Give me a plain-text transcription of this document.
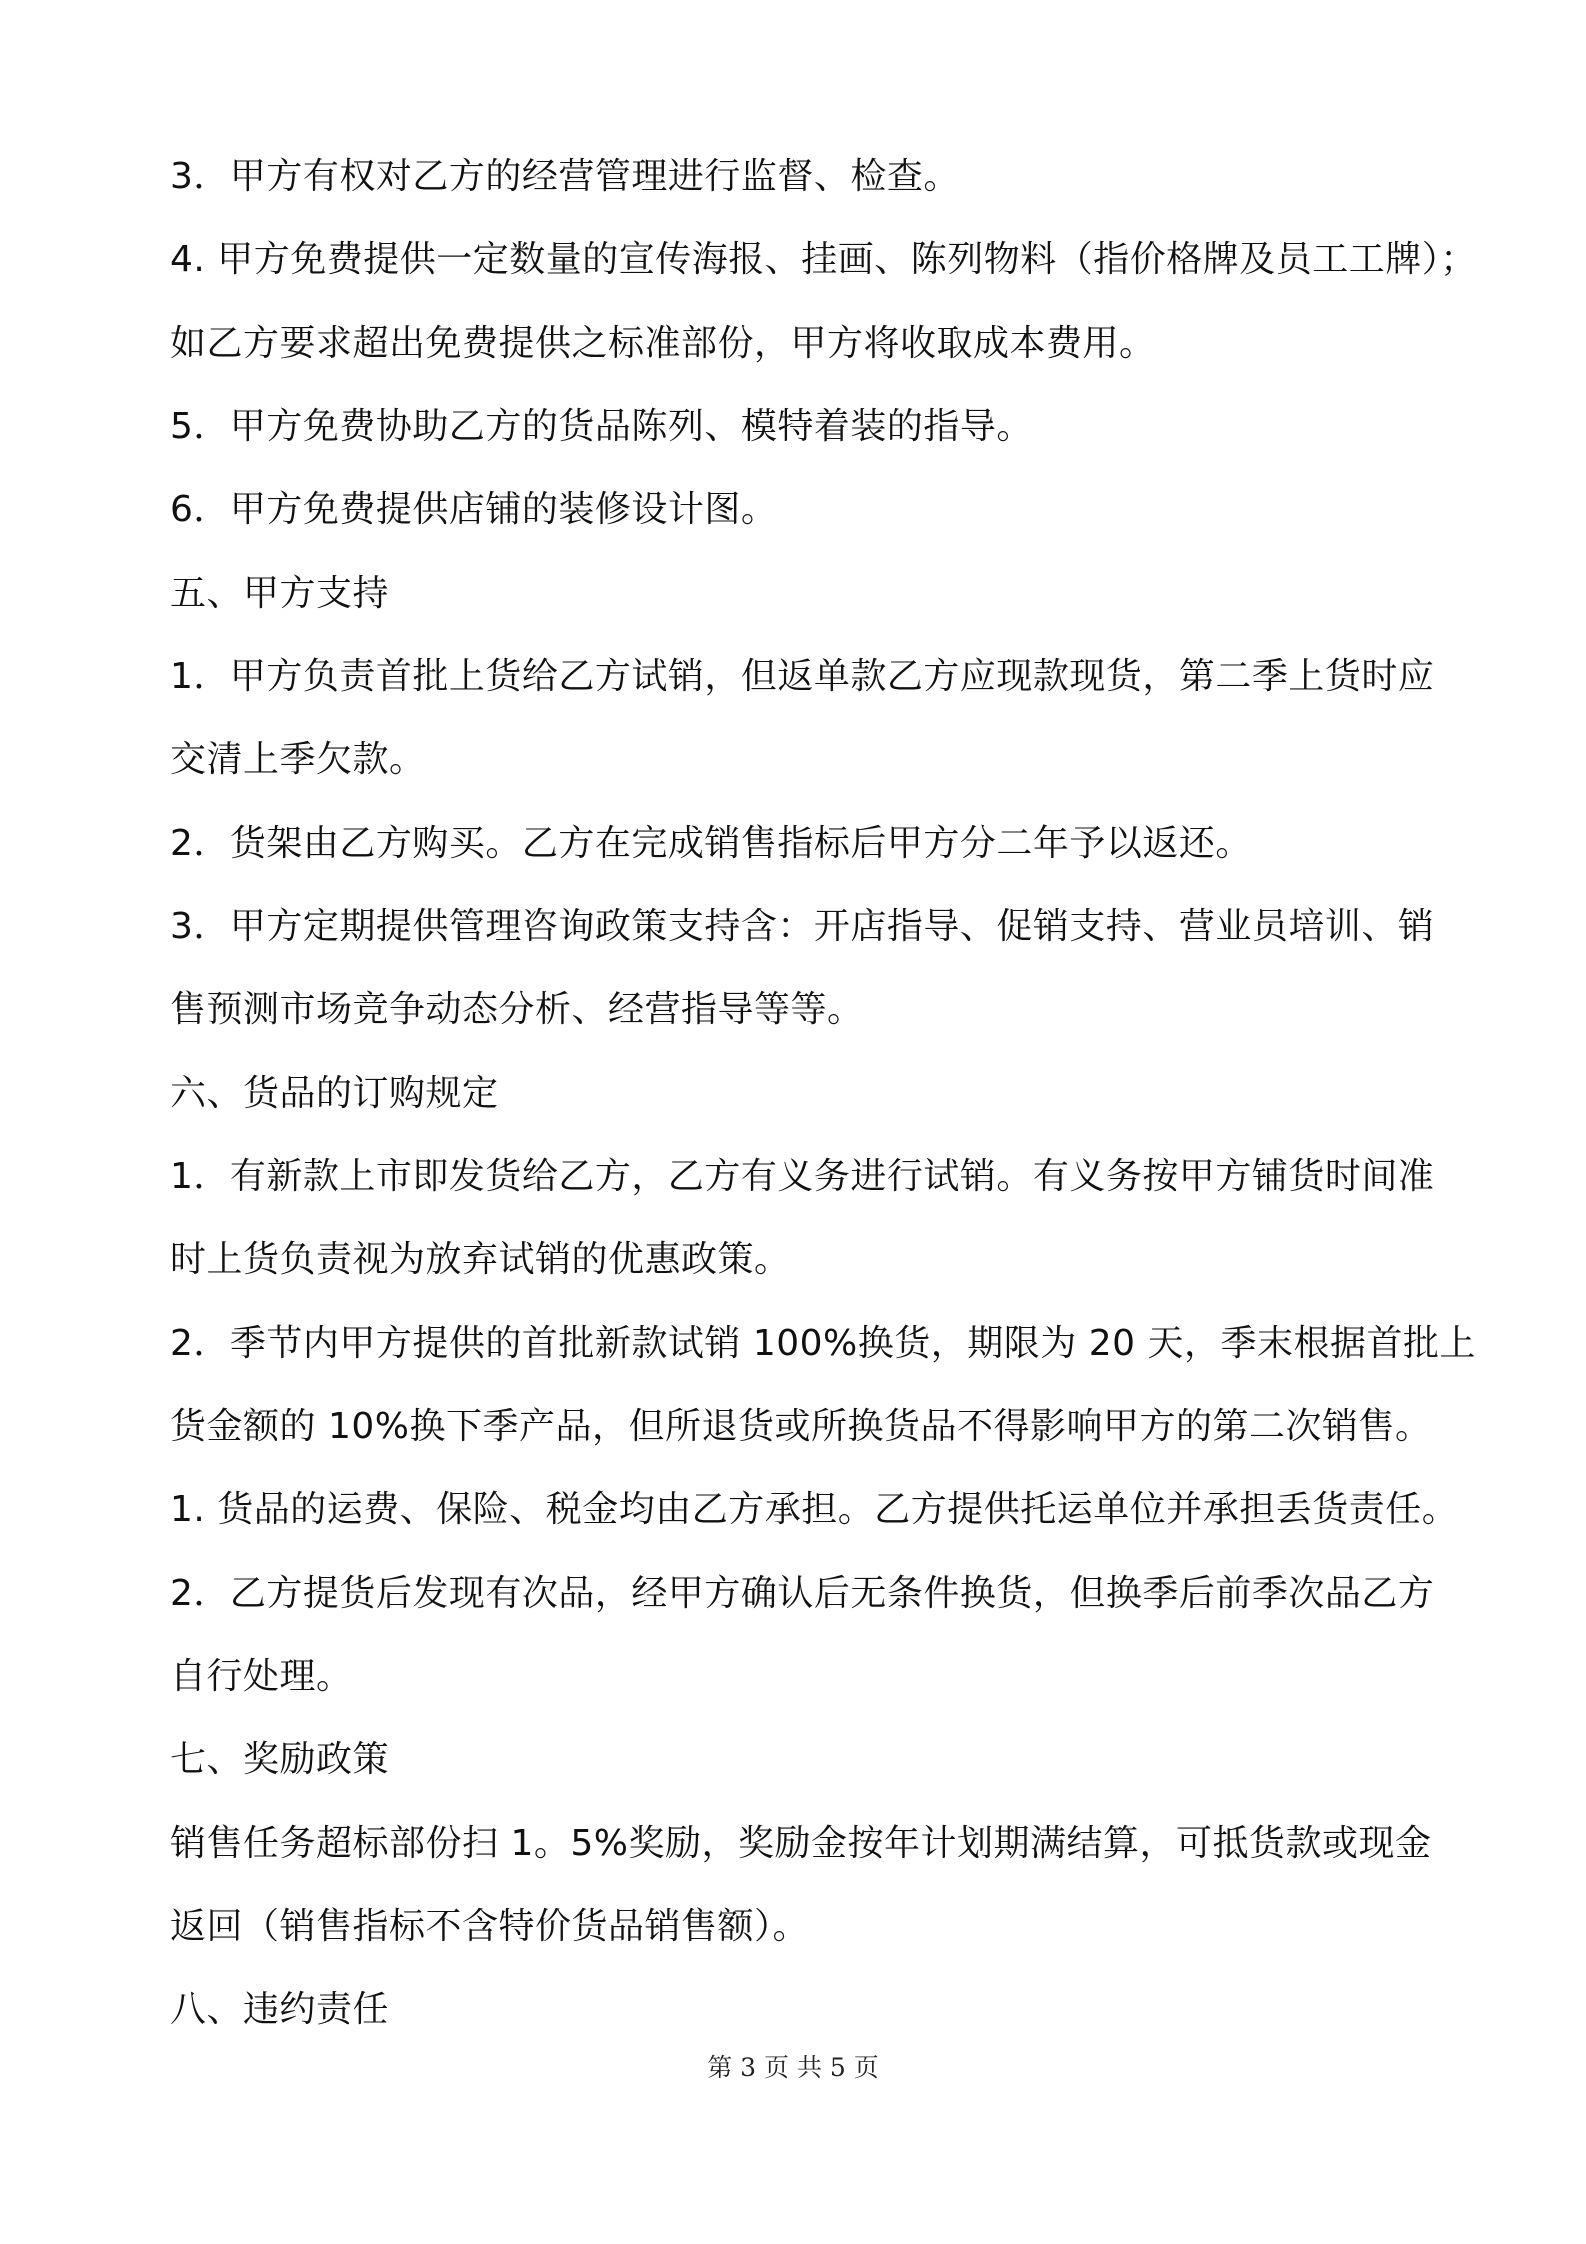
3．甲方有权对乙方的经营管理进行监督、检查。
4. 甲方免费提供一定数量的宣传海报、挂画、陈列物料（指价格牌及员工工牌）；
如乙方要求超出免费提供之标准部份，甲方将收取成本费用。
5．甲方免费协助乙方的货品陈列、模特着装的指导。
6．甲方免费提供店铺的装修设计图。
五、甲方支持
1．甲方负责首批上货给乙方试销，但返单款乙方应现款现货，第二季上货时应
交清上季欠款。
2．货架由乙方购买。乙方在完成销售指标后甲方分二年予以返还。
3．甲方定期提供管理咨询政策支持含：开店指导、促销支持、营业员培训、销
售预测市场竞争动态分析、经营指导等等。
六、货品的订购规定
1．有新款上市即发货给乙方，乙方有义务进行试销。有义务按甲方铺货时间准
时上货负责视为放弃试销的优惠政策。
2．季节内甲方提供的首批新款试销 100%换货，期限为 20 天，季末根据首批上
货金额的 10%换下季产品，但所退货或所换货品不得影响甲方的第二次销售。
1. 货品的运费、保险、税金均由乙方承担。乙方提供托运单位并承担丢货责任。
2．乙方提货后发现有次品，经甲方确认后无条件换货，但换季后前季次品乙方
自行处理。
七、奖励政策
销售任务超标部份扫 1。5%奖励，奖励金按年计划期满结算，可抵货款或现金
返回（销售指标不含特价货品销售额）。
八、违约责任
第 3 页 共 5 页
